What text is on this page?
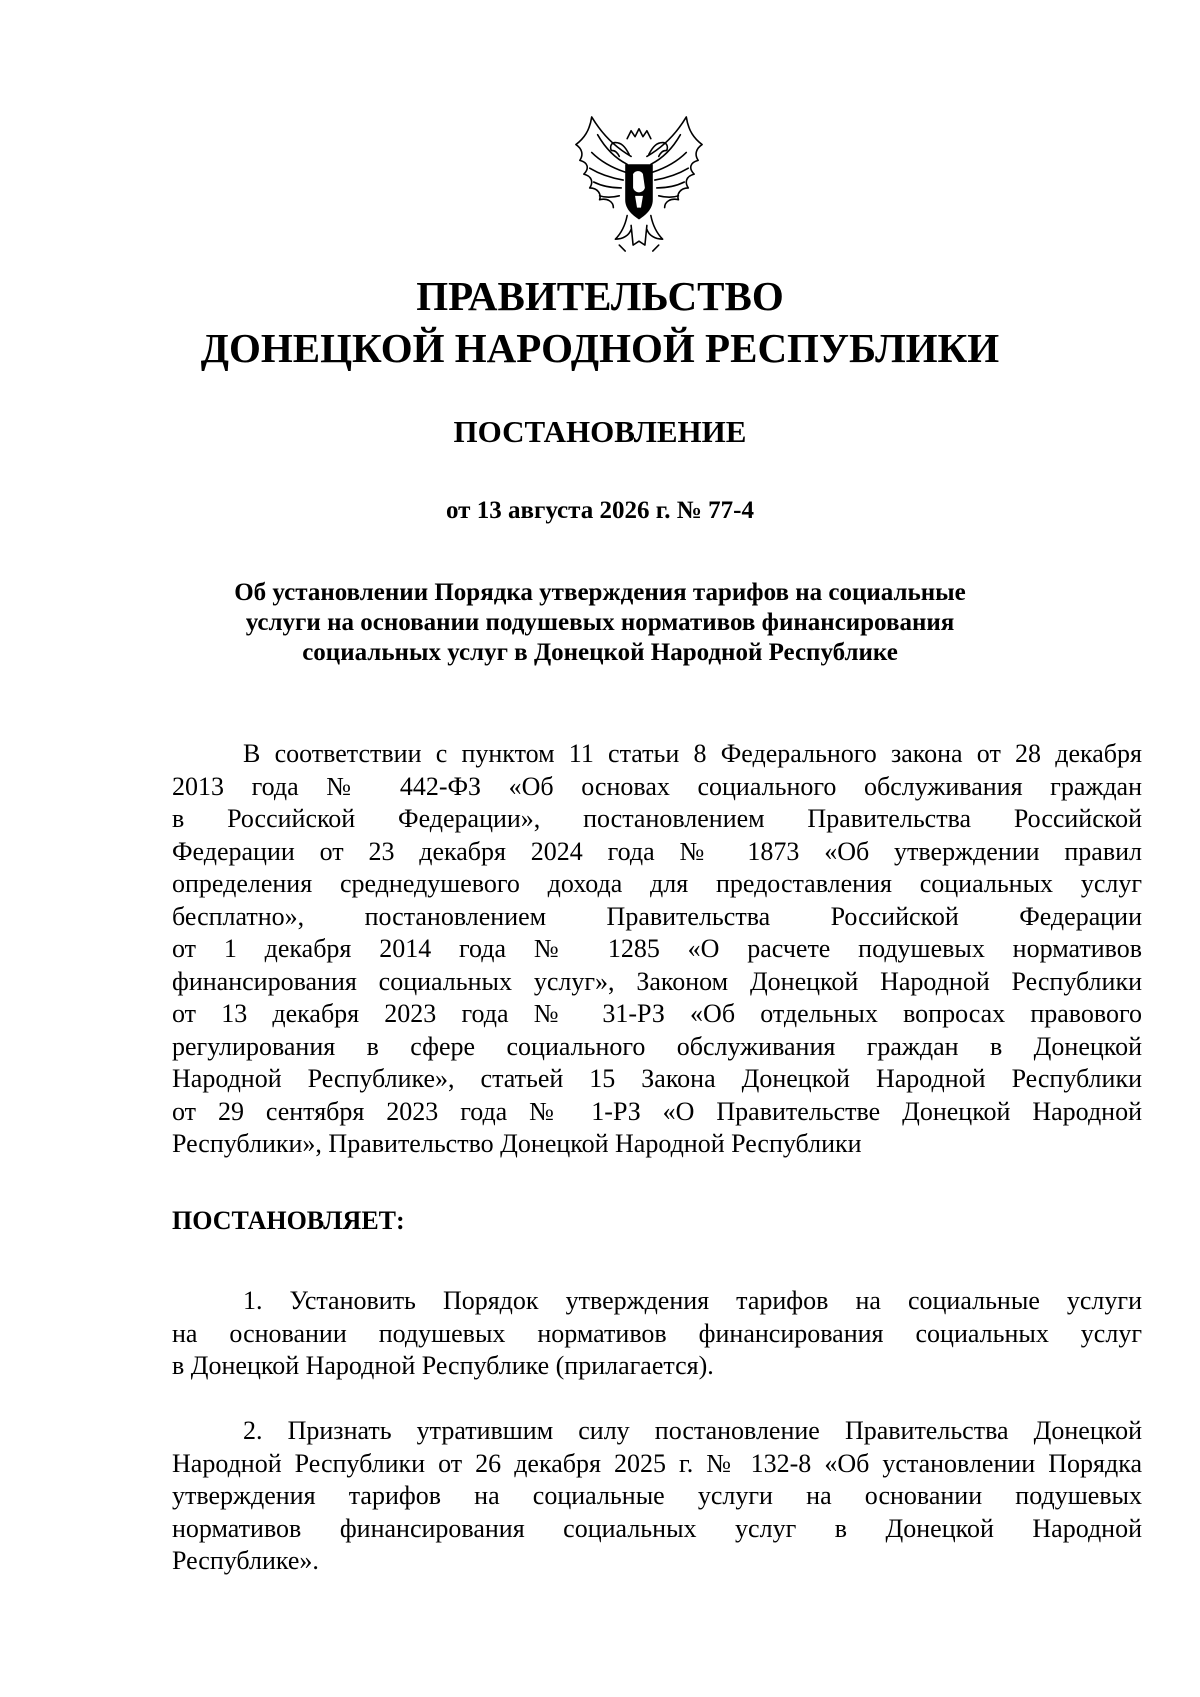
ПРАВИТЕЛЬСТВО
ДОНЕЦКОЙ НАРОДНОЙ РЕСПУБЛИКИ
ПОСТАНОВЛЕНИЕ
от 13 августа 2026 г. № 77-4
Об установлении Порядка утверждения тарифов на социальные
услуги на основании подушевых нормативов финансирования
социальных услуг в Донецкой Народной Республике
В соответствии с пунктом 11 статьи 8 Федерального закона от 28 декабря
2013 года № 442-ФЗ «Об основах социального обслуживания граждан
в Российской Федерации», постановлением Правительства Российской
Федерации от 23 декабря 2024 года № 1873 «Об утверждении правил
определения среднедушевого дохода для предоставления социальных услуг
бесплатно», постановлением Правительства Российской Федерации
от 1 декабря 2014 года № 1285 «О расчете подушевых нормативов
финансирования социальных услуг», Законом Донецкой Народной Республики
от 13 декабря 2023 года № 31-РЗ «Об отдельных вопросах правового
регулирования в сфере социального обслуживания граждан в Донецкой
Народной Республике», статьей 15 Закона Донецкой Народной Республики
от 29 сентября 2023 года № 1-РЗ «О Правительстве Донецкой Народной
Республики», Правительство Донецкой Народной Республики
ПОСТАНОВЛЯЕТ:
1. Установить Порядок утверждения тарифов на социальные услуги
на основании подушевых нормативов финансирования социальных услуг
в Донецкой Народной Республике (прилагается).
2. Признать утратившим силу постановление Правительства Донецкой
Народной Республики от 26 декабря 2025 г. № 132-8 «Об установлении Порядка
утверждения тарифов на социальные услуги на основании подушевых
нормативов финансирования социальных услуг в Донецкой Народной
Республике».
